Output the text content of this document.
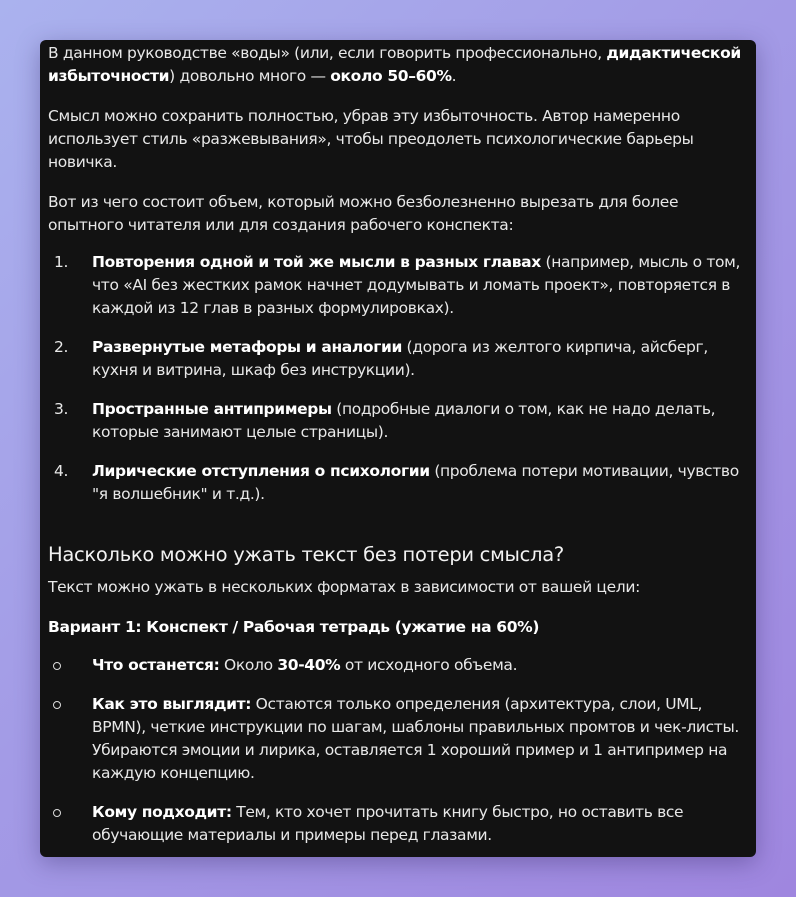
В данном руководстве «воды» (или, если говорить профессионально, дидактической избыточности) довольно много — около 50–60%.

Смысл можно сохранить полностью, убрав эту избыточность. Автор намеренно использует стиль «разжевывания», чтобы преодолеть психологические барьеры новичка.

Вот из чего состоит объем, который можно безболезненно вырезать для более опытного читателя или для создания рабочего конспекта:

1. Повторения одной и той же мысли в разных главах (например, мысль о том, что «AI без жестких рамок начнет додумывать и ломать проект», повторяется в каждой из 12 глав в разных формулировках).
2. Развернутые метафоры и аналогии (дорога из желтого кирпича, айсберг, кухня и витрина, шкаф без инструкции).
3. Пространные антипримеры (подробные диалоги о том, как не надо делать, которые занимают целые страницы).
4. Лирические отступления о психологии (проблема потери мотивации, чувство "я волшебник" и т.д.).
Насколько можно ужать текст без потери смысла?

Текст можно ужать в нескольких форматах в зависимости от вашей цели:

Вариант 1: Конспект / Рабочая тетрадь (ужатие на 60%)

Что останется: Около 30-40% от исходного объема.
Как это выглядит: Остаются только определения (архитектура, слои, UML, BPMN), четкие инструкции по шагам, шаблоны правильных промтов и чек-листы. Убираются эмоции и лирика, оставляется 1 хороший пример и 1 антипример на каждую концепцию.
Кому подходит: Тем, кто хочет прочитать книгу быстро, но оставить все обучающие материалы и примеры перед глазами.
